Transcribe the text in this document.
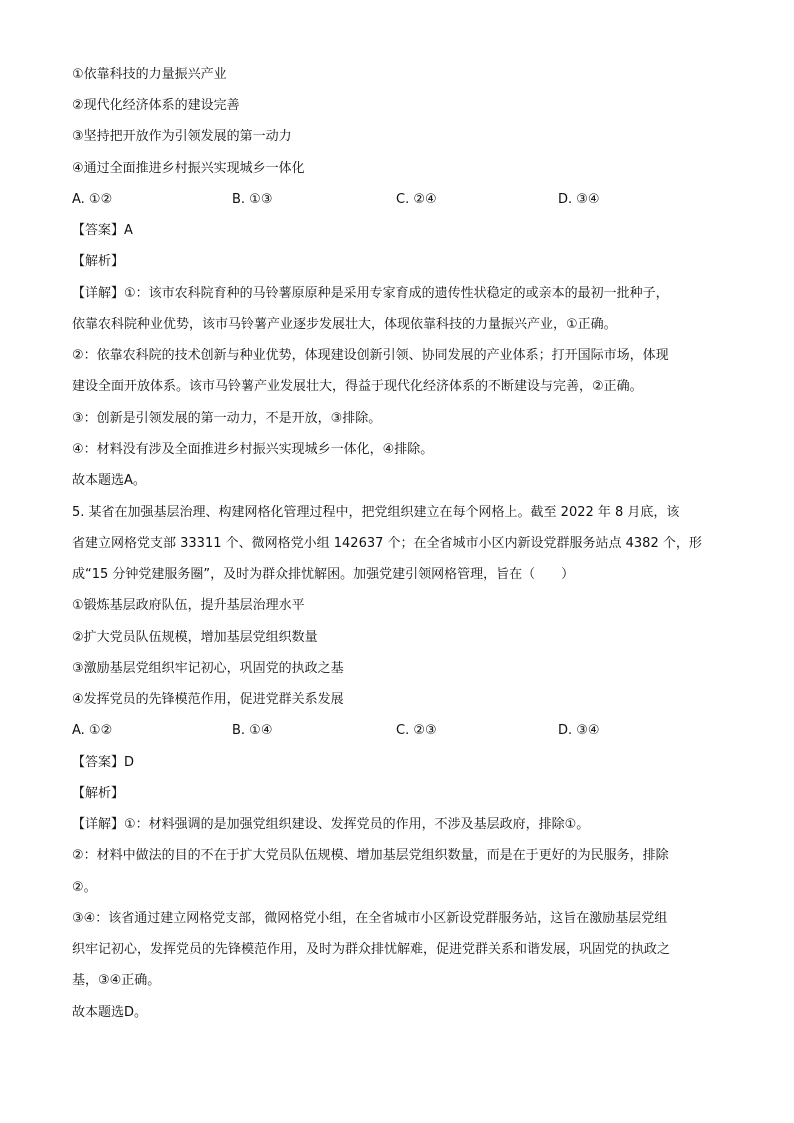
①依靠科技的力量振兴产业
②现代化经济体系的建设完善
③坚持把开放作为引领发展的第一动力
④通过全面推进乡村振兴实现城乡一体化
A. ①②	B. ①③	C. ②④	D. ③④
【答案】A
【解析】
【详解】①：该市农科院育种的马铃薯原原种是采用专家育成的遗传性状稳定的或亲本的最初一批种子，
依靠农科院种业优势，该市马铃薯产业逐步发展壮大，体现依靠科技的力量振兴产业，①正确。
②：依靠农科院的技术创新与种业优势，体现建设创新引领、协同发展的产业体系；打开国际市场，体现
建设全面开放体系。该市马铃薯产业发展壮大，得益于现代化经济体系的不断建设与完善，②正确。
③：创新是引领发展的第一动力，不是开放，③排除。
④：材料没有涉及全面推进乡村振兴实现城乡一体化，④排除。
故本题选A。
5. 某省在加强基层治理、构建网格化管理过程中，把党组织建立在每个网格上。截至 2022 年 8 月底，该
省建立网格党支部 33311 个、微网格党小组 142637 个；在全省城市小区内新设党群服务站点 4382 个，形
成“15 分钟党建服务圈”，及时为群众排忧解困。加强党建引领网格管理，旨在（　　）
①锻炼基层政府队伍，提升基层治理水平
②扩大党员队伍规模，增加基层党组织数量
③激励基层党组织牢记初心，巩固党的执政之基
④发挥党员的先锋模范作用，促进党群关系发展
A. ①②	B. ①④	C. ②③	D. ③④
【答案】D
【解析】
【详解】①：材料强调的是加强党组织建设、发挥党员的作用，不涉及基层政府，排除①。
②：材料中做法的目的不在于扩大党员队伍规模、增加基层党组织数量，而是在于更好的为民服务，排除
②。
③④：该省通过建立网格党支部，微网格党小组，在全省城市小区新设党群服务站，这旨在激励基层党组
织牢记初心，发挥党员的先锋模范作用，及时为群众排忧解难，促进党群关系和谐发展，巩固党的执政之
基，③④正确。
故本题选D。
